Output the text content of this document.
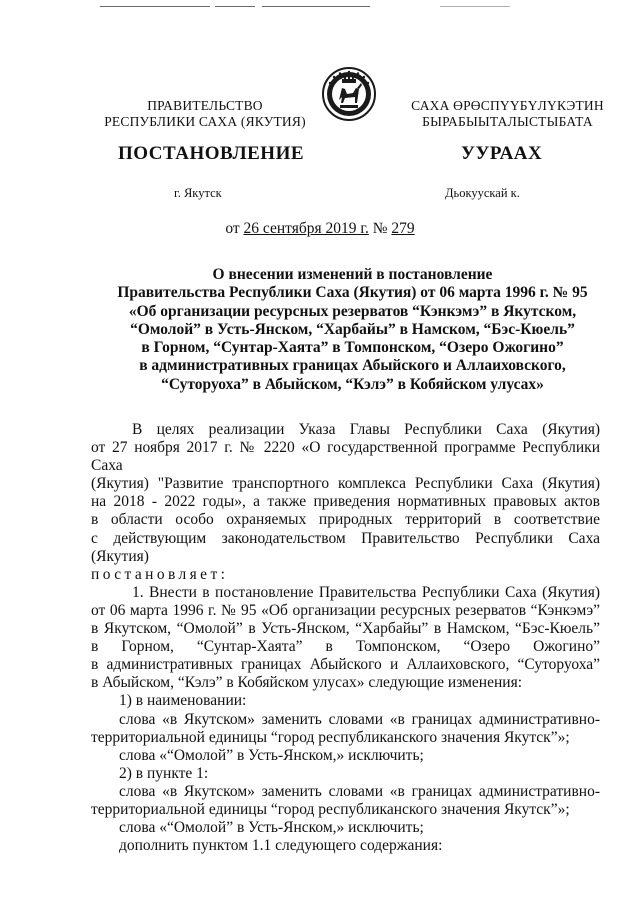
ПРАВИТЕЛЬСТВО
РЕСПУБЛИКИ САХА (ЯКУТИЯ)
САХА ӨРӨСПҮҮБҮЛҮКЭТИН
БЫРАБЫЫТАЛЫСТЫБАТА
ПОСТАНОВЛЕНИЕ	УУРААХ
г. Якутск	Дьокуускай к.
от 26 сентября 2019 г. № 279
О внесении изменений в постановление
Правительства Республики Саха (Якутия) от 06 марта 1996 г. № 95
«Об организации ресурсных резерватов “Кэнкэмэ” в Якутском,
“Омолой” в Усть-Янском, “Харбайы” в Намском, “Бэс-Кюель”
в Горном, “Сунтар-Хаята” в Томпонском, “Озеро Ожогино”
в административных границах Абыйского и Аллаиховского,
“Суторуоха” в Абыйском, “Кэлэ” в Кобяйском улусах»

В целях реализации Указа Главы Республики Саха (Якутия)

от 27 ноября 2017 г. № 2220 «О государственной программе Республики Саха

(Якутия) "Развитие транспортного комплекса Республики Саха (Якутия)

на 2018 - 2022 годы», а также приведения нормативных правовых актов

в области особо охраняемых природных территорий в соответствие

с действующим законодательством Правительство Республики Саха (Якутия)

постановляет:

1. Внести в постановление Правительства Республики Саха (Якутия)

от 06 марта 1996 г. № 95 «Об организации ресурсных резерватов “Кэнкэмэ”

в Якутском, “Омолой” в Усть-Янском, “Харбайы” в Намском, “Бэс-Кюель”

в Горном, “Сунтар-Хаята” в Томпонском, “Озеро Ожогино”

в административных границах Абыйского и Аллаиховского, “Суторуоха”

в Абыйском, “Кэлэ” в Кобяйском улусах» следующие изменения:

1) в наименовании:

слова «в Якутском» заменить словами «в границах административно-

территориальной единицы “город республиканского значения Якутск”»;

слова «“Омолой” в Усть-Янском,» исключить;

2) в пункте 1:

слова «в Якутском» заменить словами «в границах административно-

территориальной единицы “город республиканского значения Якутск”»;

слова «“Омолой” в Усть-Янском,» исключить;

дополнить пунктом 1.1 следующего содержания:
